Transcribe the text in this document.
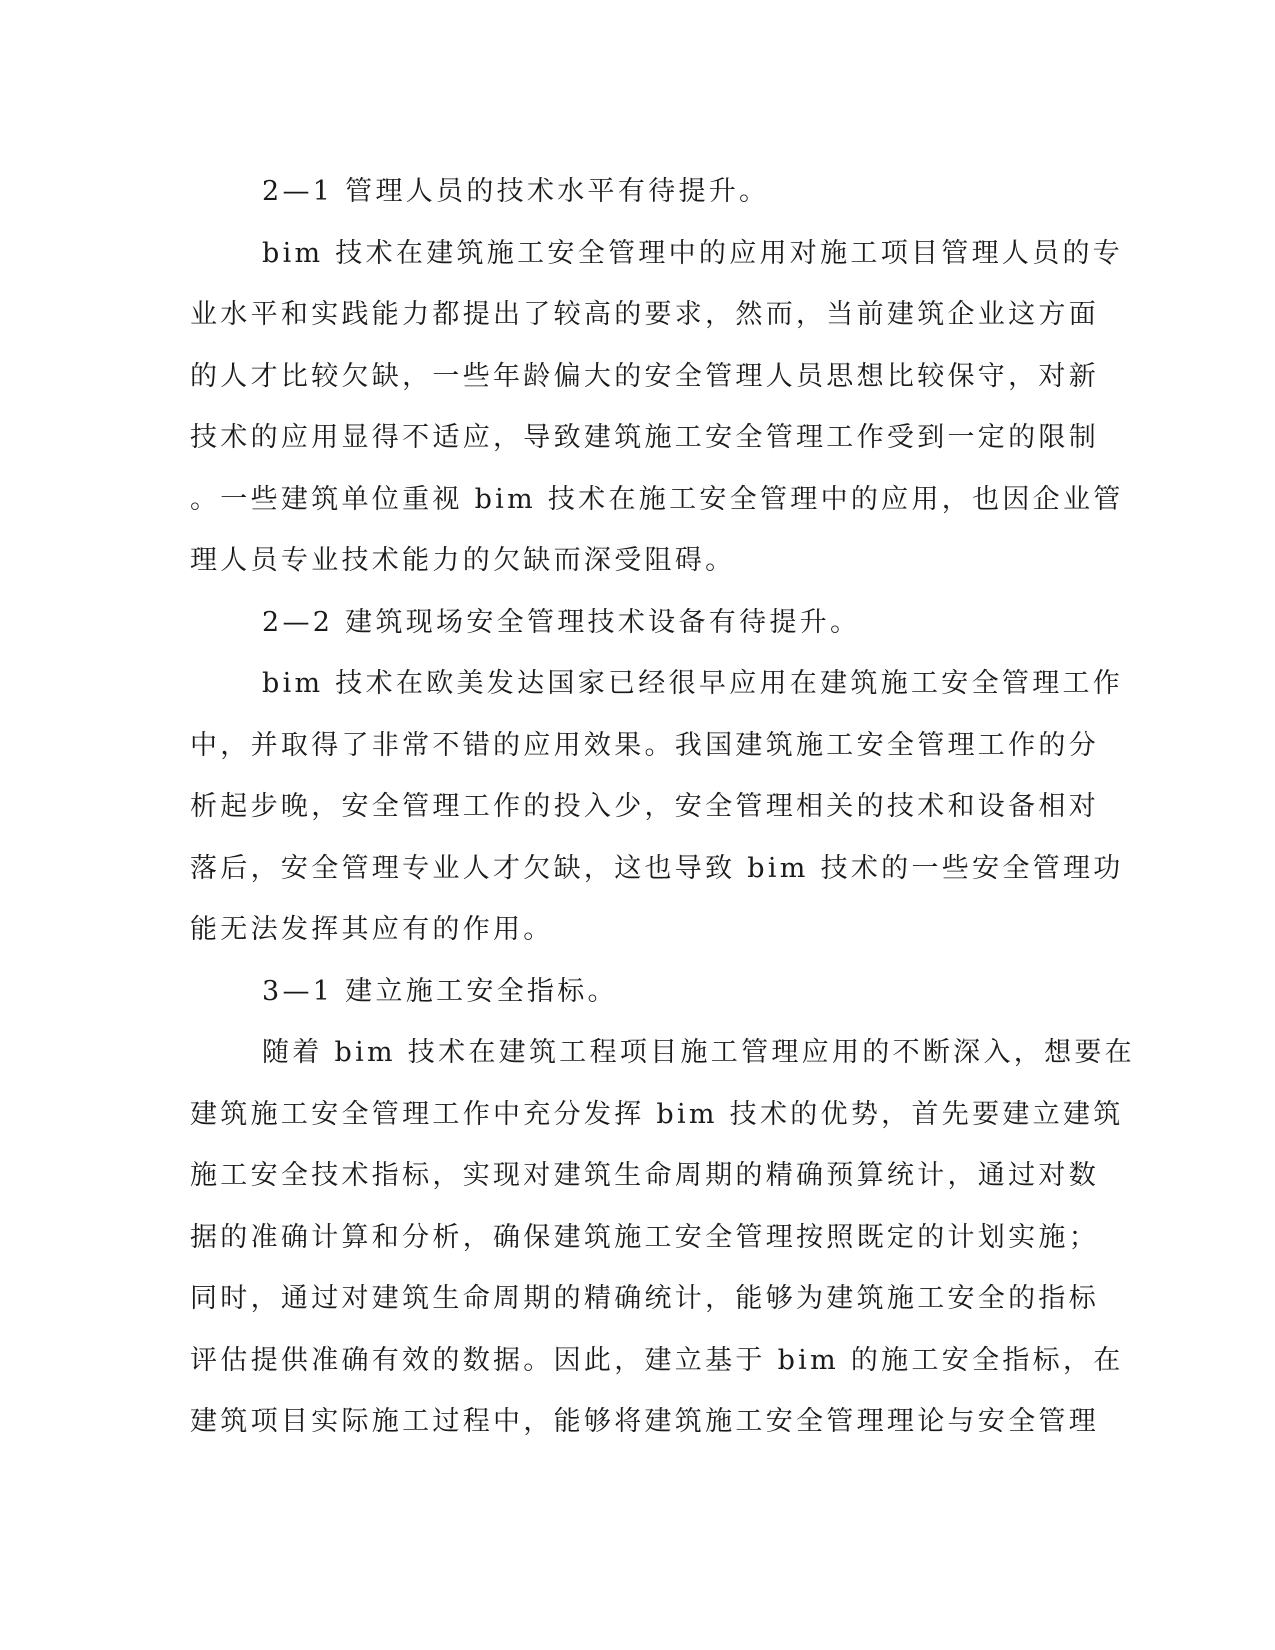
2—1 管理人员的技术水平有待提升。
bim 技术在建筑施工安全管理中的应用对施工项目管理人员的专
业水平和实践能力都提出了较高的要求，然而，当前建筑企业这方面
的人才比较欠缺，一些年龄偏大的安全管理人员思想比较保守，对新
技术的应用显得不适应，导致建筑施工安全管理工作受到一定的限制
。一些建筑单位重视 bim 技术在施工安全管理中的应用，也因企业管
理人员专业技术能力的欠缺而深受阻碍。
2—2 建筑现场安全管理技术设备有待提升。
bim 技术在欧美发达国家已经很早应用在建筑施工安全管理工作
中，并取得了非常不错的应用效果。我国建筑施工安全管理工作的分
析起步晚，安全管理工作的投入少，安全管理相关的技术和设备相对
落后，安全管理专业人才欠缺，这也导致 bim 技术的一些安全管理功
能无法发挥其应有的作用。
3—1 建立施工安全指标。
随着 bim 技术在建筑工程项目施工管理应用的不断深入，想要在
建筑施工安全管理工作中充分发挥 bim 技术的优势，首先要建立建筑
施工安全技术指标，实现对建筑生命周期的精确预算统计，通过对数
据的准确计算和分析，确保建筑施工安全管理按照既定的计划实施；
同时，通过对建筑生命周期的精确统计，能够为建筑施工安全的指标
评估提供准确有效的数据。因此，建立基于 bim 的施工安全指标，在
建筑项目实际施工过程中，能够将建筑施工安全管理理论与安全管理
